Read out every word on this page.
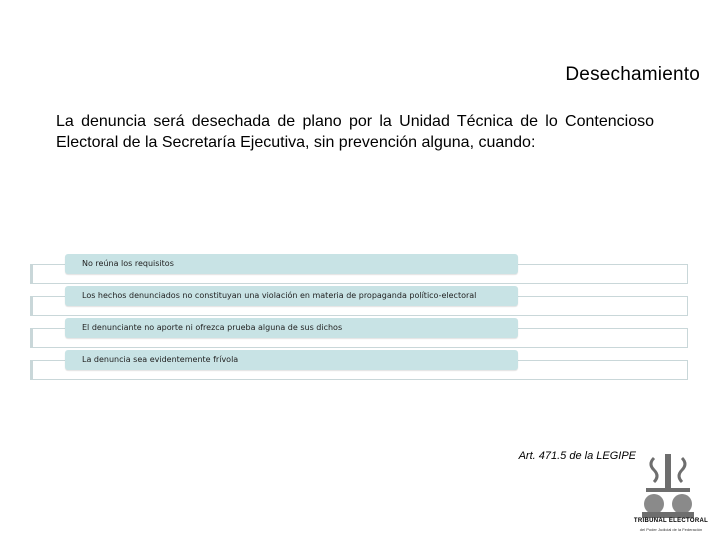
Desechamiento
La denuncia será desechada de plano por la Unidad Técnica de lo Contencioso Electoral de la Secretaría Ejecutiva, sin prevención alguna, cuando:
No reúna los requisitos
Los hechos denunciados no constituyan una violación en materia de propaganda político-electoral
El denunciante no aporte ni ofrezca prueba alguna de sus dichos
La denuncia sea evidentemente frívola
Art. 471.5 de la LEGIPE
TRIBUNAL ELECTORAL
del Poder Judicial de la Federación
